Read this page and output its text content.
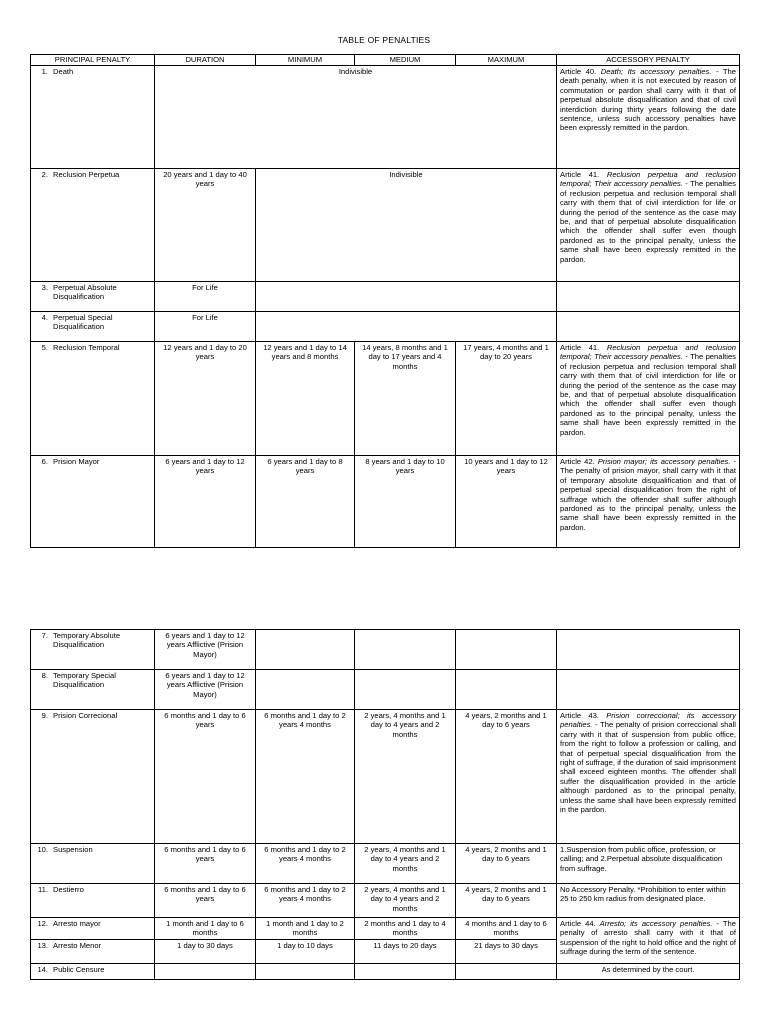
TABLE OF PENALTIES
PRINCIPAL PENALTY	DURATION	MINIMUM	MEDIUM	MAXIMUM	ACCESSORY PENALTY
1. Death	Indivisible				Article 40. Death; Its accessory penalties. - The death penalty, when it is not executed by reason of commutation or pardon shall carry with it that of perpetual absolute disqualification and that of civil interdiction during thirty years following the date sentence, unless such accessory penalties have been expressly remitted in the pardon.
2. Reclusion Perpetua	20 years and 1 day to 40 years	Indivisible			Article 41. Reclusion perpetua and reclusion temporal; Their accessory penalties. - The penalties of reclusion perpetua and reclusion temporal shall carry with them that of civil interdiction for life or during the period of the sentence as the case may be, and that of perpetual absolute disqualification which the offender shall suffer even though pardoned as to the principal penalty, unless the same shall have been expressly remitted in the pardon.

3. Perpetual Absolute Disqualification	For Life				

4. Perpetual Special Disqualification	For Life				
5. Reclusion Temporal	12 years and 1 day to 20 years	12 years and 1 day to 14 years and 8 months	14 years, 8 months and 1 day to 17 years and 4 months	17 years, 4 months and 1 day to 20 years	Article 41. Reclusion perpetua and reclusion temporal; Their accessory penalties. - The penalties of reclusion perpetua and reclusion temporal shall carry with them that of civil interdiction for life or during the period of the sentence as the case may be, and that of perpetual absolute disqualification which the offender shall suffer even though pardoned as to the principal penalty, unless the same shall have been expressly remitted in the pardon.
6. Prision Mayor	6 years and 1 day to 12 years	6 years and 1 day to 8 years	8 years and 1 day to 10 years	10 years and 1 day to 12 years	Article 42. Prision mayor; its accessory penalties. - The penalty of prision mayor, shall carry with it that of temporary absolute disqualification and that of perpetual special disqualification from the right of suffrage which the offender shall suffer although pardoned as to the principal penalty, unless the same shall have been expressly remitted in the pardon.
7. Temporary Absolute Disqualification	6 years and 1 day to 12 years Afflictive (Prision Mayor)				

8. Temporary Special Disqualification	6 years and 1 day to 12 years Afflictive (Prision Mayor)				
9. Prision Correcional	6 months and 1 day to 6 years	6 months and 1 day to 2 years 4 months	2 years, 4 months and 1 day to 4 years and 2 months	4 years, 2 months and 1 day to 6 years	Article 43. Prision correccional; its accessory penalties. - The penalty of prision correccional shall carry with it that of suspension from public office, from the right to follow a profession or calling, and that of perpetual special disqualification from the right of suffrage, if the duration of said imprisonment shall exceed eighteen months. The offender shall suffer the disqualification provided in the article although pardoned as to the principal penalty, unless the same shall have been expressly remitted in the pardon.
10. Suspension	6 months and 1 day to 6 years	6 months and 1 day to 2 years 4 months	2 years, 4 months and 1 day to 4 years and 2 months	4 years, 2 months and 1 day to 6 years	1.Suspension from public office, profession, or calling; and 2.Perpetual absolute disqualification from suffrage.
11. Destierro	6 months and 1 day to 6 years	6 months and 1 day to 2 years 4 months	2 years, 4 months and 1 day to 4 years and 2 months	4 years, 2 months and 1 day to 6 years	No Accessory Penalty. *Prohibition to enter within 25 to 250 km radius from designated place.
12. Arresto mayor	1 month and 1 day to 6 months	1 month and 1 day to 2 months	2 months and 1 day to 4 months	4 months and 1 day to 6 months	Article 44. Arresto; its accessory penalties. - The penalty of arresto shall carry with it that of suspension of the right to hold office and the right of suffrage during the term of the sentence.
13. Arresto Menor	1 day to 30 days	1 day to 10 days	11 days to 20 days	21 days to 30 days	
14. Public Censure					As determined by the court.
